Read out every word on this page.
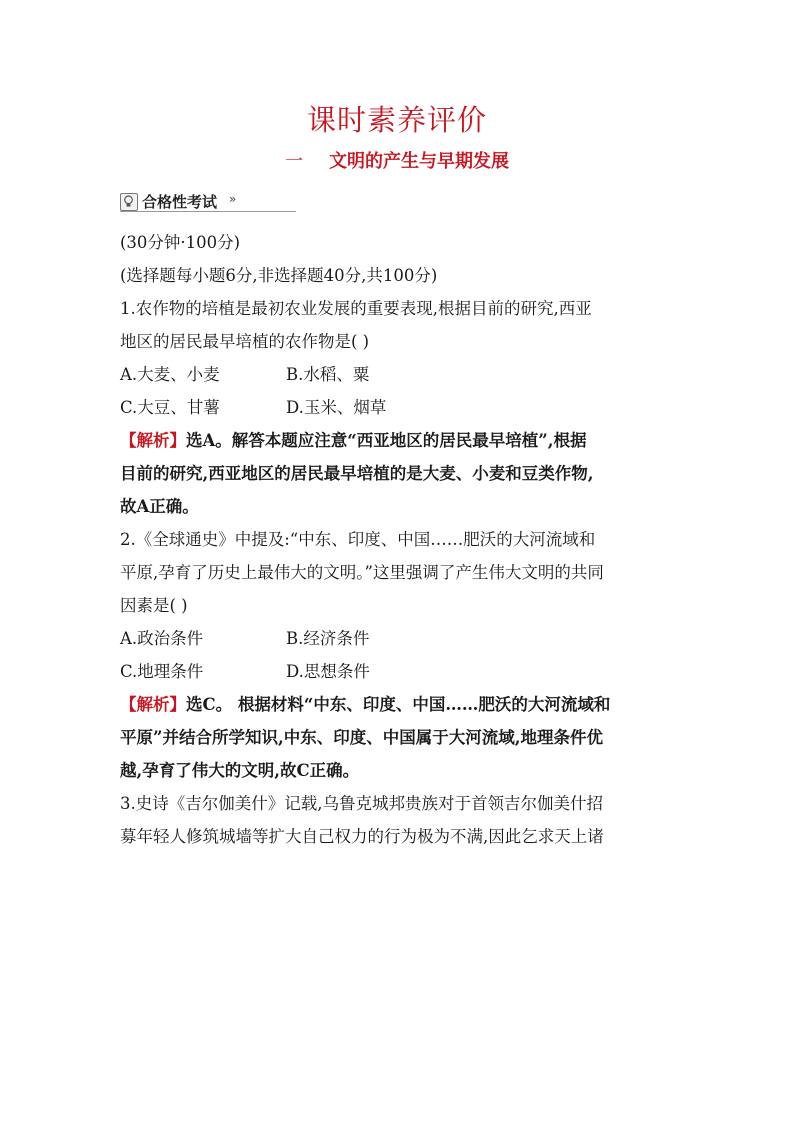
课时素养评价
一 文明的产生与早期发展
合格性考试 »
(30分钟·100分)
(选择题每小题6分,非选择题40分,共100分)
1.农作物的培植是最初农业发展的重要表现,根据目前的研究,西亚
地区的居民最早培植的农作物是( )
A.大麦、小麦	B.水稻、粟
C.大豆、甘薯	D.玉米、烟草
【解析】选A。解答本题应注意“西亚地区的居民最早培植”,根据
目前的研究,西亚地区的居民最早培植的是大麦、小麦和豆类作物,
故A正确。
2.《全球通史》中提及:“中东、印度、中国……肥沃的大河流域和
平原,孕育了历史上最伟大的文明。”这里强调了产生伟大文明的共同
因素是( )
A.政治条件	B.经济条件
C.地理条件	D.思想条件
【解析】选C。 根据材料“中东、印度、中国……肥沃的大河流域和
平原”并结合所学知识,中东、印度、中国属于大河流域,地理条件优
越,孕育了伟大的文明,故C正确。
3.史诗《吉尔伽美什》记载,乌鲁克城邦贵族对于首领吉尔伽美什招
募年轻人修筑城墙等扩大自己权力的行为极为不满,因此乞求天上诸
